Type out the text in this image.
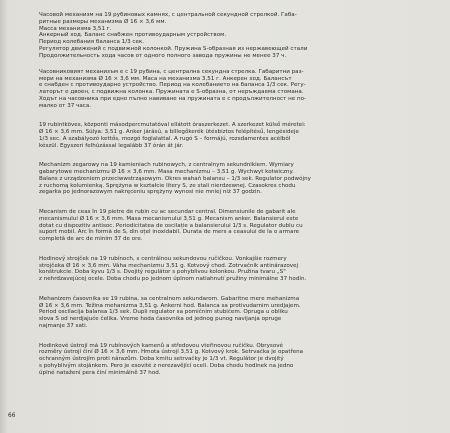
Часовой механизм на 19 рубиновых камнях, с центральной секундной стрелкой. Габа-
ритные размеры механизма Ø 16 × 3,6 мм.
Масса механизма 3,51 г.
Анкерный ход. Баланс снабжен противоударным устройством.
Период колебания баланса 1/3 сек.
Регулятор движений с подвижной колонкой. Пружина S-образная из нержавеющей стали
Продолжительность хода часов от одного полного завода пружины не менее 37 ч.
Часовниковият механизъм е с 19 рубина, с централна секундна стрелка. Габаритни раз-
мери на механизма Ø 16 × 3,6 мм. Маса на механизма 3,51 г. Анкерен ход. Балансът
е снабден с противоударно устройство. Период на колебанието на баланса 1/3 сек. Регу-
латорът е двоен, с подвижна колонка. Пружината е S-образна, от неръждаема стомана.
Ходът на часовника при едно пълно навиване на пружината е с продължителност не по-
малко от 37 часа.
19 rubintköves, központi másodpercmutatóval ellátott óraszerkezet. A szerkezet külső méretei:
Ø 16 × 3,6 mm. Súlya: 3,51 g. Anker járású, a billegőkerék ütésbiztos felépítésű, lengésideje
1/3 sec. A szabályozó kettős, mozgó foglalattal. A rugó S – formájú, rozsdamentes acélból
készül. Egyszeri felhúzással legalább 37 órán át jár.
Mechanizm zegarowy na 19 kamieniach rubinowych, z centralnym sekundnikiem. Wymiary
gabarytowe mechanizmu Ø 16 × 3,6 mm. Masa mechanizmu – 3,51 g. Wychwyt kotwiczny.
Balans z urządzeniem przeciwwstrząsowym. Okres wahań balansu – 1/3 sek. Regulator podwójny
z ruchomą kolumienką. Sprężyna w kształcie litery S, ze stali nierdzewnej. Czasokres chodu
zegarka po jednorazowym nakręceniu sprężyny wynosi nie mniej niż 37 godzin.
Mecanism de ceas în 19 pietre de rubin cu ac secundar central. Dimensiunile de gabarit ale
mecanismului Ø 16 × 3,6 mm. Masa mecanismului 3,51 g. Mecanism anker. Balansierul este
dotat cu dispozitiv antisoc. Periodicitatea de oscilație a balansierului 1/3 s. Regulator dublu cu
suport mobil. Arc în formă de S, din oțel inoxidabil. Durata de mers a ceasului de la o armare
completă de arc de minim 37 de ore.
Hodinový strojček na 19 rubínoch, s centrálnou sekundovou ručičkou. Vonkajšie rozmery
strojčeka Ø 16 × 3,6 mm. Váha mechanizmu 3,51 g. Kotvový chod. Zotrvačník antinárazovej
konštrukcie. Doba kyvu 1/3 s. Dvojitý regulátor s pohyblivou kolonkou. Pružina tvaru „S"
z nehrdzavejúcej ocele. Doba chodu po jednom úplnom natiahnutí pružiny minimálne 37 hodín.
Mehanizem časovnika se 19 rubina, sa centralnom sekundarom. Gabaritne mere mehanizma
Ø 16 × 3,6 mm. Težina mehanizma 3,51 g. Ankerni hod. Balanca sa protivudarnim uredjajem.
Period oscilacija balansa 1/3 sek. Dupli regulator sa pomičnim stubićem. Opruga u obliku
slova S od nerdjajuće čelika. Vreme hoda časovnika od jednog punog navijanja opruge
najmanje 37 sati.
Hodinkové ústrojí má 19 rubínových kamenů a středovou vteřinovou ručičku. Obrysové
rozměry ústrojí činí Ø 16 × 3,6 mm. Hmota ústrojí 3,51 g. Kotvový krok. Setrvačka je opatřena
ochranným ústrojím proti nárazům. Doba kmitu setrvačky je 1/3 vt. Regulátor je dvojitý
s pohyblivým stojánkem. Pero je esovité z nerezavějící oceli. Doba chodu hodinek na jedno
úplné natažení pera činí minimálně 37 hod.
66
